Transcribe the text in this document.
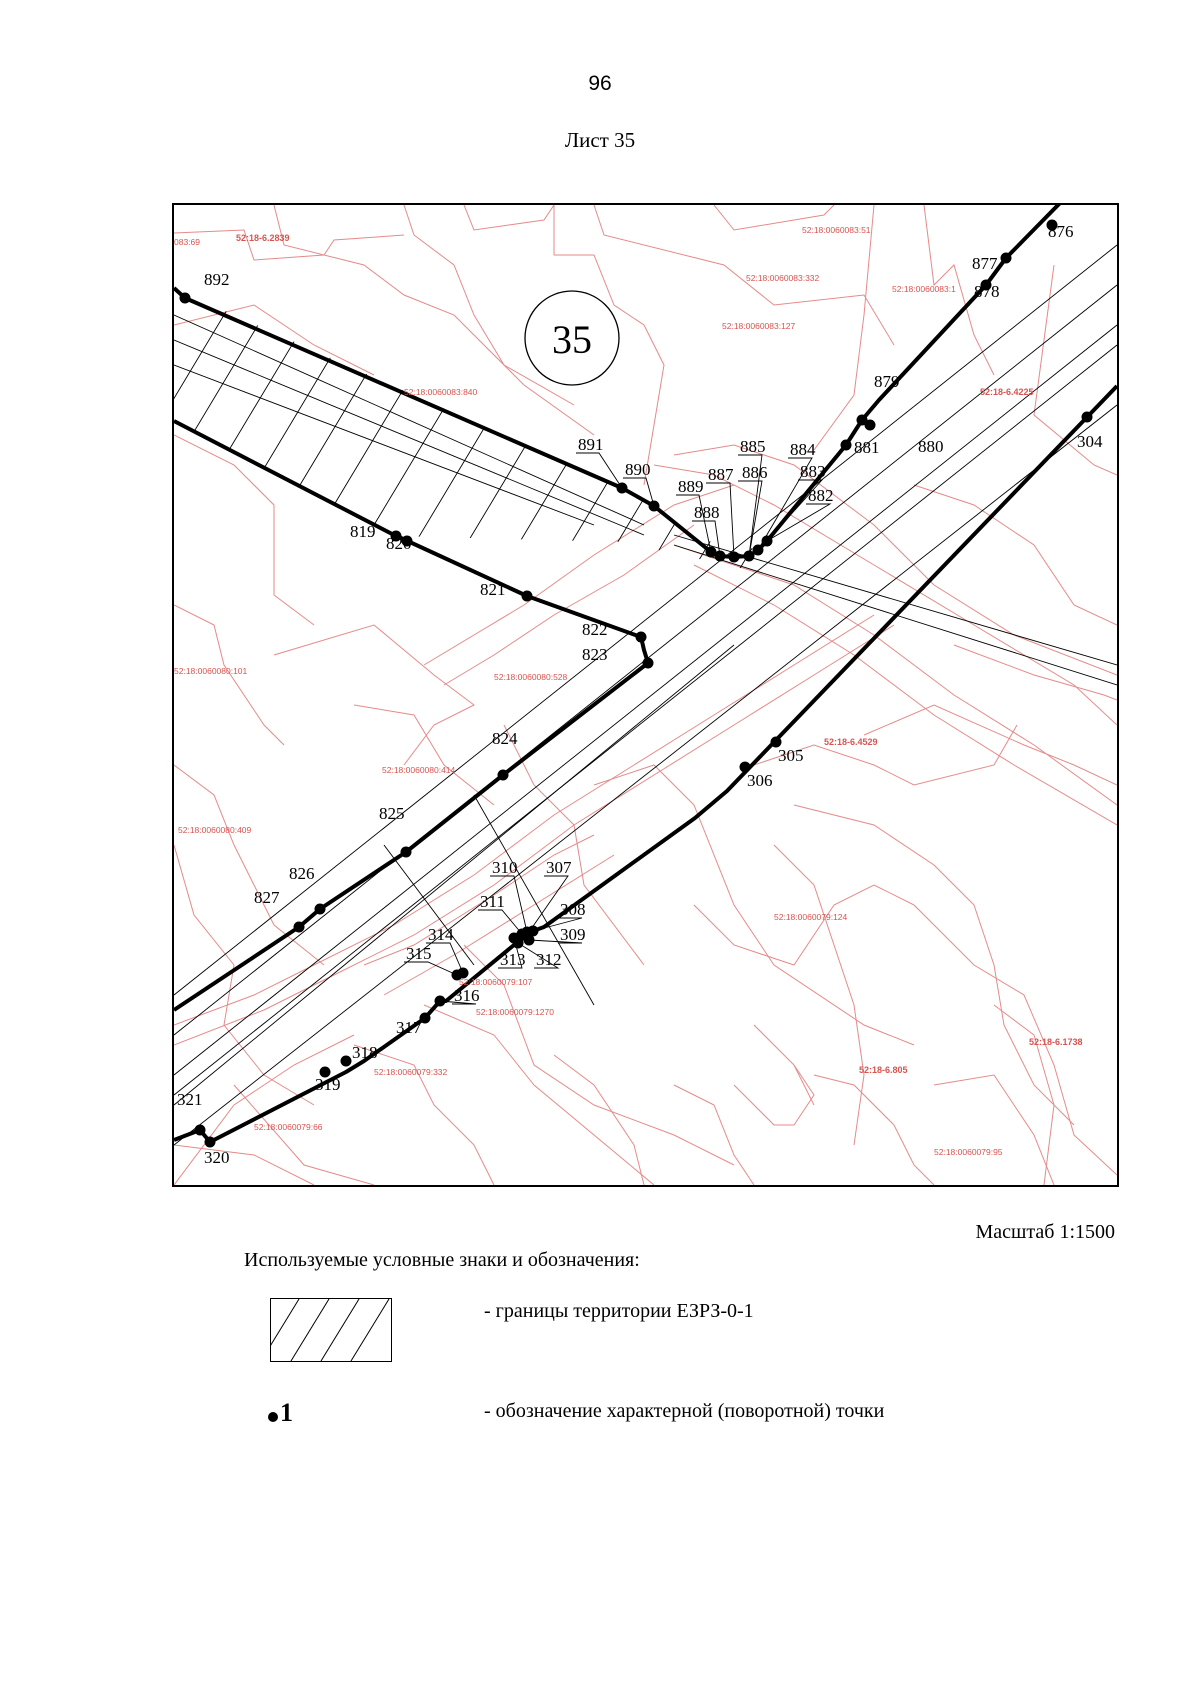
96
Лист 35
35
52:18-6.2839
083:69
52:18:0060083:51
52:18:0060083:332
52:18:0060083:1
52:18:0060083:127
52:18:0060083:840	52:18-6.4225
52:18:0060080:101
52:18:0060080:528
52:18:0060080:414
52:18-6.4529
52:18:0060080:409
52:18:0060079:124
52:18:0060079:1270
52:18-6.1738
52:18-6.805
52:18:0060079:332
52:18:0060079:66
52:18:0060079:95
52:18:0060079:107
892
891
890
889
888
887 886
885 884
883
882
881 880
879
878
877
876
819
820
821
822
823
824
825
826
827
304
305
306
307
308
309
310
311
312
313
314
315
316
317
318
319
320
321
Масштаб 1:1500
Используемые условные знаки и обозначения:
- границы территории ЕЗРЗ-0-1
1	- обозначение характерной (поворотной) точки
